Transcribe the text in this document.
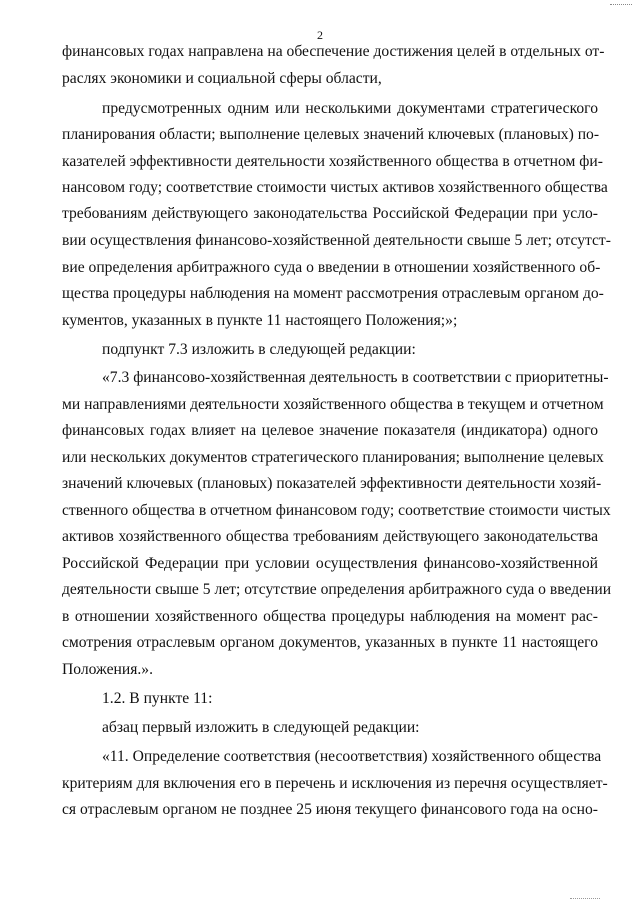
2
финансовых годах направлена на обеспечение достижения целей в отдельных от-
раслях экономики и социальной сферы области,
предусмотренных одним или несколькими документами стратегического
планирования области; выполнение целевых значений ключевых (плановых) по-
казателей эффективности деятельности хозяйственного общества в отчетном фи-
нансовом году; соответствие стоимости чистых активов хозяйственного общества
требованиям действующего законодательства Российской Федерации при усло-
вии осуществления финансово-хозяйственной деятельности свыше 5 лет; отсутст-
вие определения арбитражного суда о введении в отношении хозяйственного об-
щества процедуры наблюдения на момент рассмотрения отраслевым органом до-
кументов, указанных в пункте 11 настоящего Положения;»;
подпункт 7.3 изложить в следующей редакции:
«7.3 финансово-хозяйственная деятельность в соответствии с приоритетны-
ми направлениями деятельности хозяйственного общества в текущем и отчетном
финансовых годах влияет на целевое значение показателя (индикатора) одного
или нескольких документов стратегического планирования; выполнение целевых
значений ключевых (плановых) показателей эффективности деятельности хозяй-
ственного общества в отчетном финансовом году; соответствие стоимости чистых
активов хозяйственного общества требованиям действующего законодательства
Российской Федерации при условии осуществления финансово-хозяйственной
деятельности свыше 5 лет; отсутствие определения арбитражного суда о введении
в отношении хозяйственного общества процедуры наблюдения на момент рас-
смотрения отраслевым органом документов, указанных в пункте 11 настоящего
Положения.».
1.2. В пункте 11:
абзац первый изложить в следующей редакции:
«11. Определение соответствия (несоответствия) хозяйственного общества
критериям для включения его в перечень и исключения из перечня осуществляет-
ся отраслевым органом не позднее 25 июня текущего финансового года на осно-
